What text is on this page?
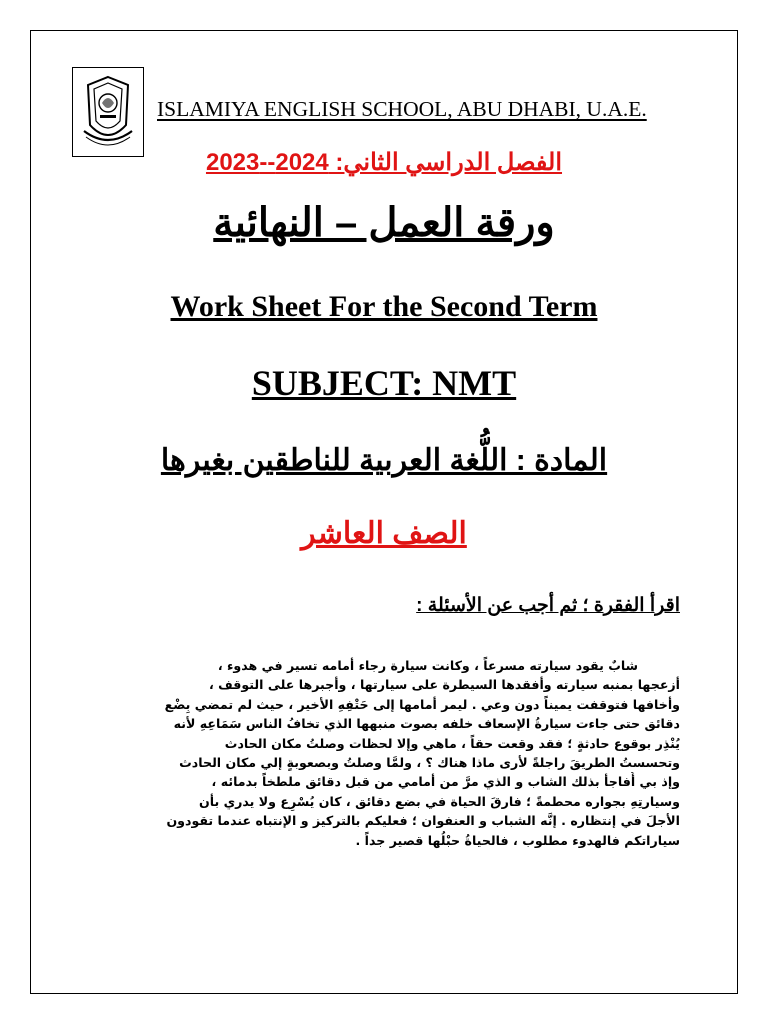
ISLAMIYA ENGLISH SCHOOL, ABU DHABI, U.A.E.
الفصل الدراسي الثاني: 2024--2023
ورقة العمل – النهائية
Work Sheet For the Second Term
SUBJECT: NMT
المادة : اللُّغة العربية للناطقين بغيرها
الصف العاشر
اقرأ الفقرة ؛ ثم أجب عن الأسئلة :
شابٌ يقود سيارته مسرعاً ، وكانت سيارة رجاء أمامه تسير في هدوء ،
أزعجها بمنبه سيارته وأفقدها السيطرة على سيارتها ، وأجبرها على التوقف ،
وأخافها فتوقفت يميناً دون وعي . ليمر أمامها إلى حَتْفِهِ الأخير ، حيث لم تمضي بِضْع
دقائق حتى جاءت سيارةُ الإسعاف خلفه بصوت منبهها الذي تخافُ الناس سَمَاعِهِ لأنه
يُنْذِر بوقوع حادثةٍ ؛ فقد وقعت حقاً ، ماهي وإلا لحظات وصلتُ مكان الحادث
وتحسستُ الطريقَ راجلةً لأرى ماذا هناك ؟ ، ولمَّا وصلتُ وبصعوبةٍ إلي مكان الحادث
وإذ بي أُفاجأ بذلك الشاب و الذي مرَّ من أمامي من قبل دقائق ملطخاً بدمائه ،
وسيارتِهِ بجواره محطمةً ؛ فارقَ الحياة في بضع دقائق ، كان يُسْرِع ولا يدري بأن
الأجلَ في إنتظاره . إنَّه الشباب و العنفوان ؛ فعليكم بالتركيز و الإنتباه عندما تقودون
سياراتكم فالهدوء مطلوب ، فالحياةُ حبْلُها قصير جداً .
